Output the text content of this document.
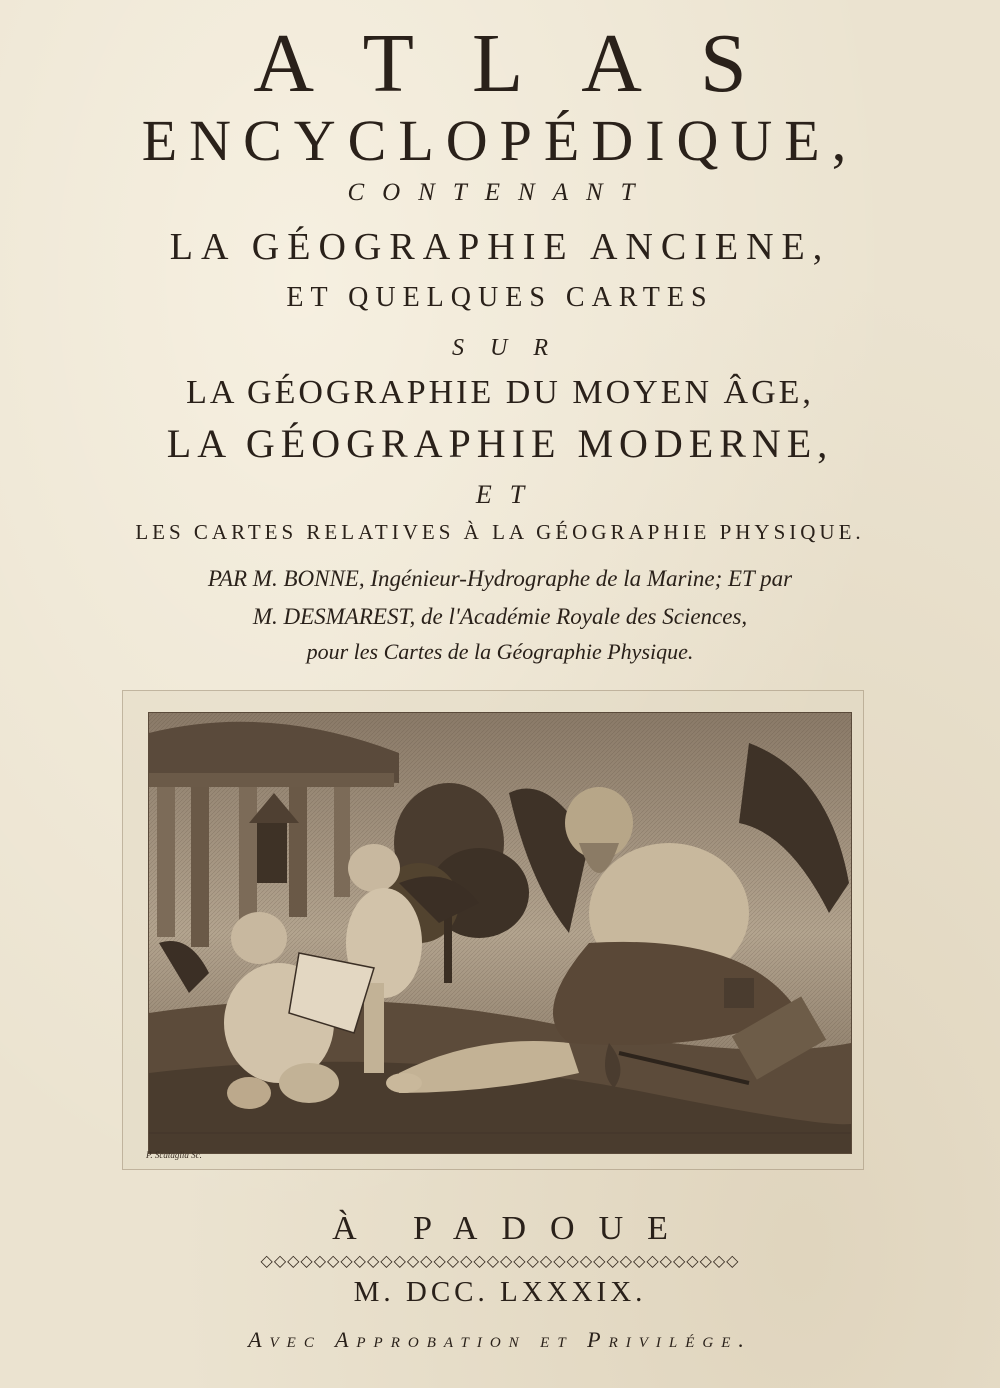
ATLAS
ENCYCLOPÉDIQUE,
CONTENANT
LA GÉOGRAPHIE ANCIENE,
ET QUELQUES CARTES
SUR
LA GÉOGRAPHIE DU MOYEN ÂGE,
LA GÉOGRAPHIE MODERNE,
ET
LES CARTES RELATIVES À LA GÉOGRAPHIE PHYSIQUE.
PAR M. BONNE, Ingénieur-Hydrographe de la Marine; ET par
M. DESMAREST, de l'Académie Royale des Sciences,
pour les Cartes de la Géographie Physique.
P. Scataglia Sc.
À PADOUE
◇◇◇◇◇◇◇◇◇◇◇◇◇◇◇◇◇◇◇◇◇◇◇◇◇◇◇◇◇◇◇◇◇◇◇◇
M. DCC. LXXXIX.
Avec Approbation et Privilége.
